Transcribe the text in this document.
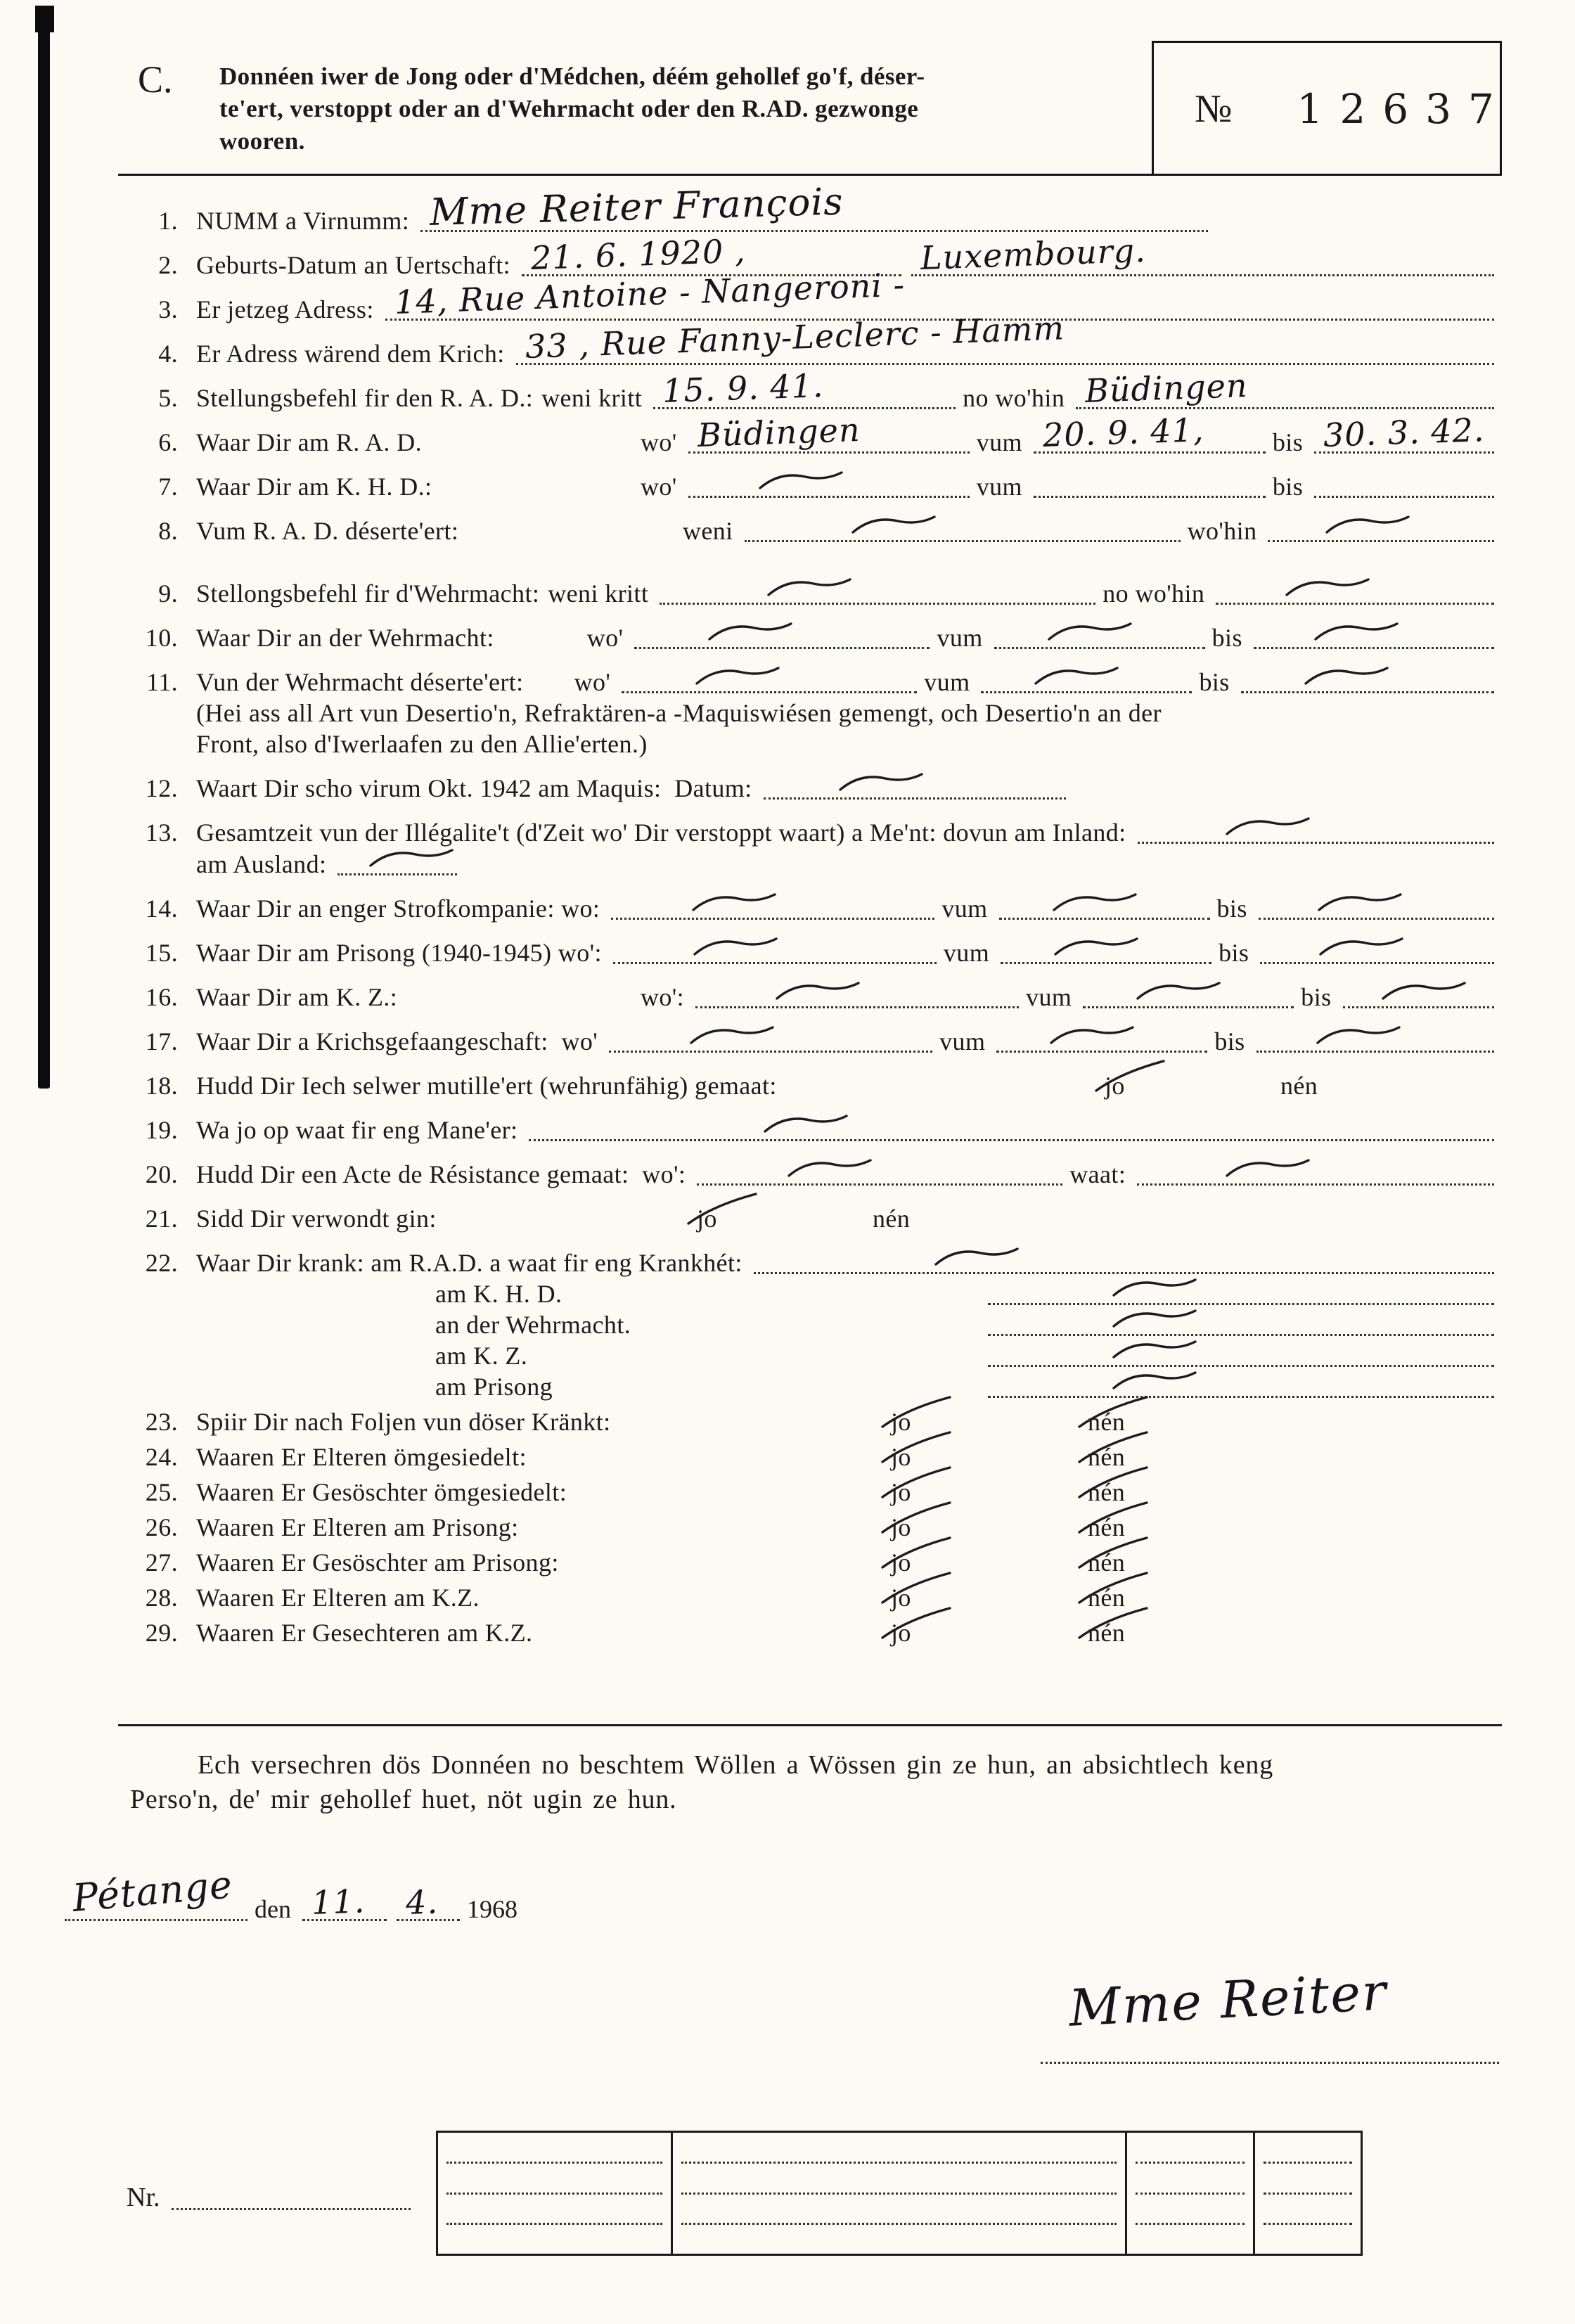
C. Donnéen iwer de Jong oder d'Médchen, déém gehollef go'f, déser-
te'ert, verstoppt oder an d'Wehrmacht oder den R.AD. gezwonge
wooren.
№ 12637
1. NUMM a Virnumm: Mme Reiter François
2. Geburts-Datum an Uertschaft: 21. 6. 1920 ,	Luxembourg.
3. Er jetzeg Adress: 14, Rue Antoine - Nangeroni -
4. Er Adress wärend dem Krich: 33 , Rue Fanny-Leclerc - Hamm
5. Stellungsbefehl fir den R. A. D.: weni kritt 15. 9. 41.	no wo'hin Büdingen
6. Waar Dir am R. A. D.	wo' Büdingen	vum 20. 9. 41,	bis 30. 3. 42.
7. Waar Dir am K. H. D.:	wo'	vum	bis
8. Vum R. A. D. déserte'ert:	weni	wo'hin
9. Stellongsbefehl fir d'Wehrmacht: weni kritt	no wo'hin
10. Waar Dir an der Wehrmacht:	wo'	vum	bis
11. Vun der Wehrmacht déserte'ert: wo'	vum	bis
(Hei ass all Art vun Desertio'n, Refraktären-a -Maquiswiésen gemengt, och Desertio'n an der
Front, also d'Iwerlaafen zu den Allie'erten.)
12. Waart Dir scho virum Okt. 1942 am Maquis:  Datum:
13. Gesamtzeit vun der Illégalite't (d'Zeit wo' Dir verstoppt waart) a Me'nt: dovun am Inland:
am Ausland:
14. Waar Dir an enger Strofkompanie: wo:	vum	bis
15. Waar Dir am Prisong (1940-1945) wo':	vum	bis
16. Waar Dir am K. Z.:	wo':	vum	bis
17. Waar Dir a Krichsgefaangeschaft:  wo'	vum	bis
18. Hudd Dir Iech selwer mutille'ert (wehrunfähig) gemaat:	jo	nén
19. Wa jo op waat fir eng Mane'er:
20. Hudd Dir een Acte de Résistance gemaat:  wo':	waat:
21. Sidd Dir verwondt gin:	jo	nén
22. Waar Dir krank: am R.A.D. a waat fir eng Krankhét:
am K. H. D.
an der Wehrmacht.
am K. Z.
am Prisong
23. Spiir Dir nach Foljen vun döser Kränkt:	jo	nén
24. Waaren Er Elteren ömgesiedelt:	jo	nén
25. Waaren Er Gesöschter ömgesiedelt:	jo	nén
26. Waaren Er Elteren am Prisong:	jo	nén
27. Waaren Er Gesöschter am Prisong:	jo	nén
28. Waaren Er Elteren am K.Z.	jo	nén
29. Waaren Er Gesechteren am K.Z.	jo	nén

Ech versechren dös Donnéen no beschtem Wöllen a Wössen gin ze hun, an absichtlech keng
Perso'n, de' mir gehollef huet, nöt ugin ze hun.

Pétange den 11. 4. 1968
Mme Reiter
Nr.
